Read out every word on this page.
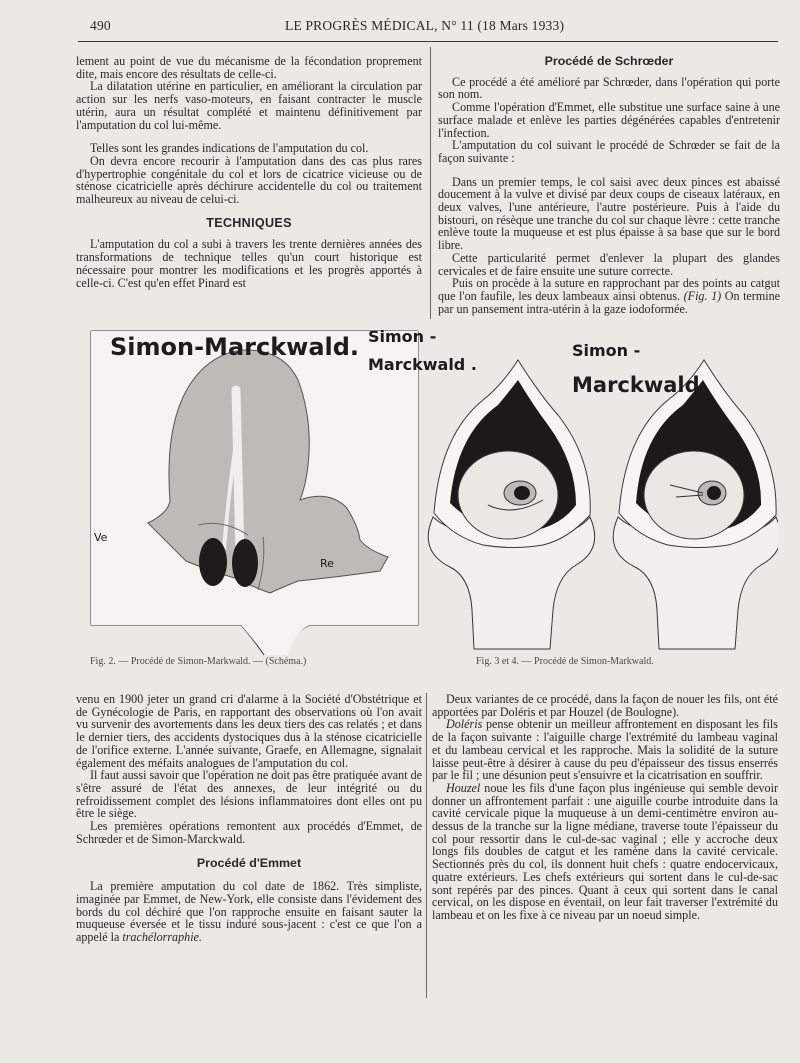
490	LE PROGRÈS MÉDICAL, N° 11 (18 Mars 1933)

lement au point de vue du mécanisme de la fécondation proprement dite, mais encore des résultats de celle-ci.

La dilatation utérine en particulier, en améliorant la circulation par action sur les nerfs vaso-moteurs, en faisant contracter le muscle utérin, aura un résultat complété et maintenu définitivement par l'amputation du col lui-même.

Telles sont les grandes indications de l'amputation du col.

On devra encore recourir à l'amputation dans des cas plus rares d'hypertrophie congénitale du col et lors de cicatrice vicieuse ou de sténose cicatricielle après déchirure accidentelle du col ou traitement malheureux au niveau de celui-ci.

TECHNIQUES

L'amputation du col a subi à travers les trente dernières années des transformations de technique telles qu'un court historique est nécessaire pour montrer les modifications et les progrès apportés à celle-ci. C'est qu'en effet Pinard est

Procédé de Schrœder

Ce procédé a été amélioré par Schrœder, dans l'opération qui porte son nom.

Comme l'opération d'Emmet, elle substitue une surface saine à une surface malade et enlève les parties dégénérées capables d'entretenir l'infection.

L'amputation du col suivant le procédé de Schrœder se fait de la façon suivante :

Dans un premier temps, le col saisi avec deux pinces est abaissé doucement à la vulve et divisé par deux coups de ciseaux latéraux, en deux valves, l'une antérieure, l'autre postérieure. Puis à l'aide du bistouri, on résèque une tranche du col sur chaque lèvre : cette tranche enlève toute la muqueuse et est plus épaisse à sa base que sur le bord libre.

Cette particularité permet d'enlever la plupart des glandes cervicales et de faire ensuite une suture correcte.

Puis on procède à la suture en rapprochant par des points au catgut que l'on faufile, les deux lambeaux ainsi obtenus. (Fig. 1) On termine par un pansement intra-utérin à la gaze iodoformée.

Simon-Marckwald.
Ve
Re
Simon -
Marckwald .
Simon -
Marckwald.
Fig. 2. — Procédé de Simon-Markwald. — (Schéma.)	Fig. 3 et 4. — Procédé de Simon-Markwald.

venu en 1900 jeter un grand cri d'alarme à la Société d'Obstétrique et de Gynécologie de Paris, en rapportant des observations où l'on avait vu survenir des avortements dans les deux tiers des cas relatés ; et dans le dernier tiers, des accidents dystociques dus à la sténose cicatricielle de l'orifice externe. L'année suivante, Graefe, en Allemagne, signalait également des méfaits analogues de l'amputation du col.

Il faut aussi savoir que l'opération ne doit pas être pratiquée avant de s'être assuré de l'état des annexes, de leur intégrité ou du refroidissement complet des lésions inflammatoires dont elles ont pu être le siège.

Les premières opérations remontent aux procédés d'Emmet, de Schrœder et de Simon-Marckwald.

Procédé d'Emmet

La première amputation du col date de 1862. Très simpliste, imaginée par Emmet, de New-York, elle consiste dans l'évidement des bords du col déchiré que l'on rapproche ensuite en faisant sauter la muqueuse éversée et le tissu induré sous-jacent : c'est ce que l'on a appelé la trachélorraphie.

Deux variantes de ce procédé, dans la façon de nouer les fils, ont été apportées par Doléris et par Houzel (de Boulogne).

Doléris pense obtenir un meilleur affrontement en disposant les fils de la façon suivante : l'aiguille charge l'extrémité du lambeau vaginal et du lambeau cervical et les rapproche. Mais la solidité de la suture laisse peut-être à désirer à cause du peu d'épaisseur des tissus enserrés par le fil ; une désunion peut s'ensuivre et la cicatrisation en souffrir.

Houzel noue les fils d'une façon plus ingénieuse qui semble devoir donner un affrontement parfait : une aiguille courbe introduite dans la cavité cervicale pique la muqueuse à un demi-centimètre environ au-dessus de la tranche sur la ligne médiane, traverse toute l'épaisseur du col pour ressortir dans le cul-de-sac vaginal ; elle y accroche deux longs fils doubles de catgut et les ramène dans la cavité cervicale. Sectionnés près du col, ils donnent huit chefs : quatre endocervicaux, quatre extérieurs. Les chefs extérieurs qui sortent dans le cul-de-sac sont repérés par des pinces. Quant à ceux qui sortent dans le canal cervical, on les dispose en éventail, on leur fait traverser l'extrémité du lambeau et on les fixe à ce niveau par un noeud simple.
